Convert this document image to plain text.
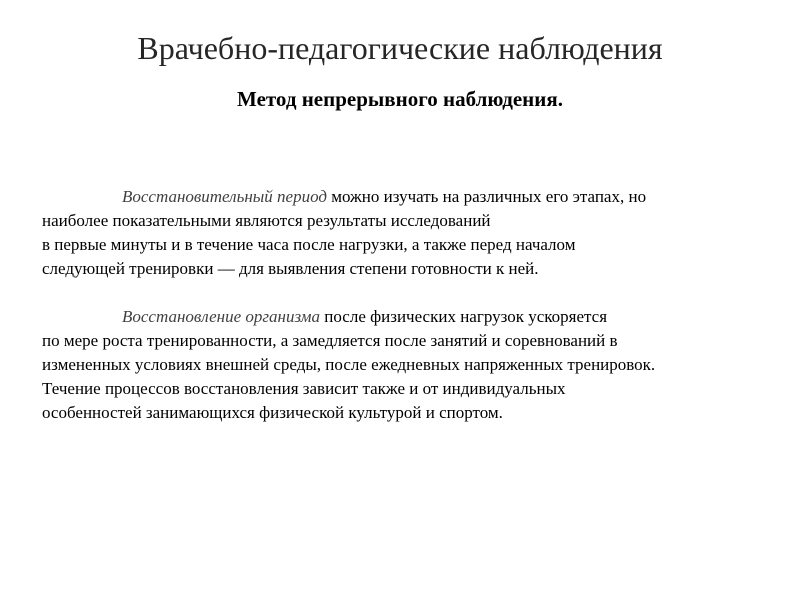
Врачебно-педагогические наблюдения
Метод непрерывного наблюдения.
Восстановительный период можно изучать на различных его этапах, но
наиболее показательными являются результаты исследований
в первые минуты и в течение часа после нагрузки, а также перед началом
следующей тренировки — для выявления степени готовности к ней.
Восстановление организма после физических нагрузок ускоряется
по мере роста тренированности, а замедляется после занятий и соревнований в
измененных условиях внешней среды, после ежедневных напряженных тренировок.
Течение процессов восстановления зависит также и от индивидуальных
особенностей занимающихся физической культурой и спортом.
